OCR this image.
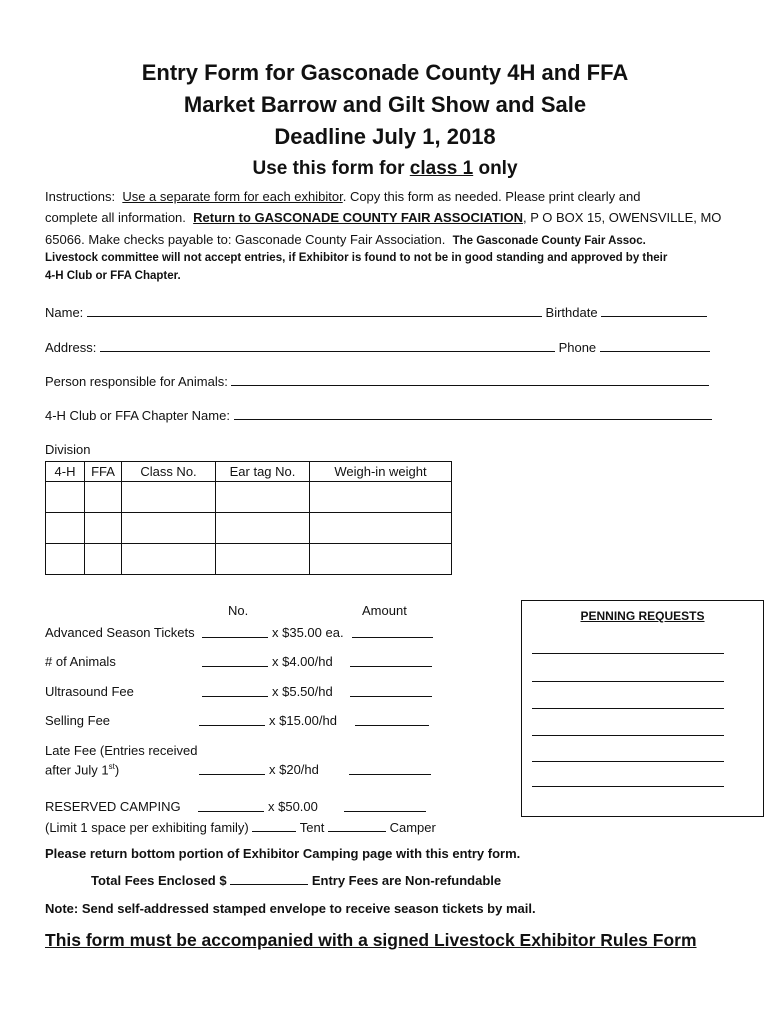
Entry Form for Gasconade County 4H and FFA
Market Barrow and Gilt Show and Sale
Deadline July 1, 2018
Use this form for class 1 only
Instructions: Use a separate form for each exhibitor. Copy this form as needed. Please print clearly and
complete all information. Return to GASCONADE COUNTY FAIR ASSOCIATION, P O BOX 15, OWENSVILLE, MO
65066. Make checks payable to: Gasconade County Fair Association. The Gasconade County Fair Assoc.
Livestock committee will not accept entries, if Exhibitor is found to not be in good standing and approved by their
4-H Club or FFA Chapter.
Name:	Birthdate
Address:	Phone
Person responsible for Animals:
4-H Club or FFA Chapter Name:
Division
4-H	FFA	Class No.	Ear tag No.	Weigh-in weight

No.	Amount
Advanced Season Tickets	x $35.00 ea.
# of Animals	x $4.00/hd
Ultrasound Fee	x $5.50/hd
Selling Fee	x $15.00/hd
Late Fee (Entries received
after July 1st)	x $20/hd
RESERVED CAMPING	x $50.00
(Limit 1 space per exhibiting family)	Tent	Camper
PENNING REQUESTS
Please return bottom portion of Exhibitor Camping page with this entry form.
Total Fees Enclosed $	Entry Fees are Non-refundable
Note: Send self-addressed stamped envelope to receive season tickets by mail.
This form must be accompanied with a signed Livestock Exhibitor Rules Form
